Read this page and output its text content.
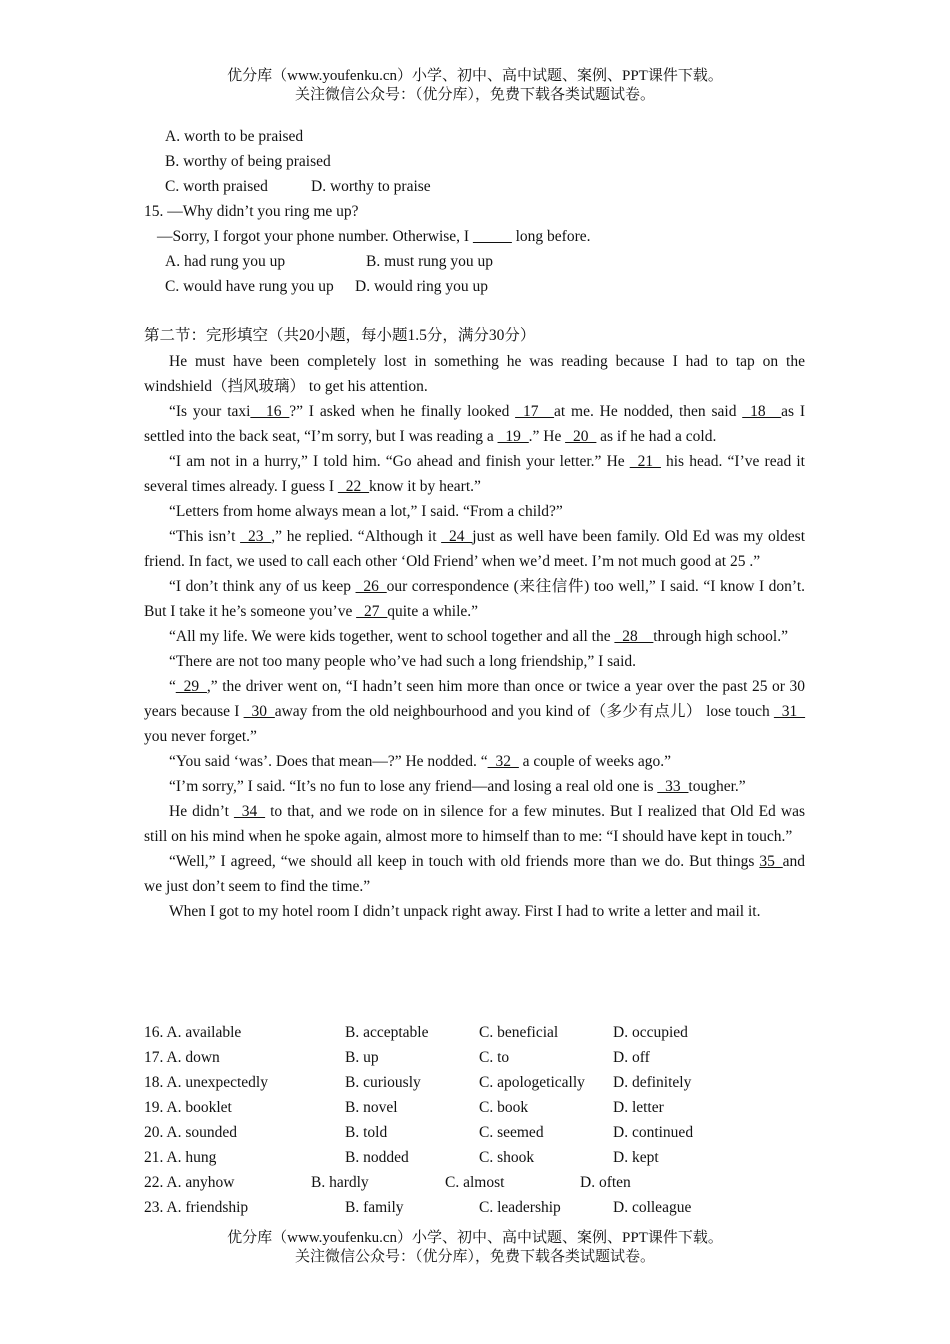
优分库（www.youfenku.cn）小学、初中、高中试题、案例、PPT课件下载。
关注微信公众号：（优分库），免费下载各类试题试卷。
A. worth to be praised
B. worthy of being praised
C. worth praised	D. worthy to praise
15. —Why didn’t you ring me up?
—Sorry, I forgot your phone number. Otherwise, I _____ long before.
A. had rung you up	B. must rung you up
C. would have rung you up D. would ring you up
第二节：完形填空（共20小题，每小题1.5分，满分30分）

He must have been completely lost in something he was reading because I had to tap on the windshield（挡风玻璃） to get his attention.

“Is your taxi__16_?” I asked when he finally looked _17__at me. He nodded, then said _18__as I settled into the back seat, “I’m sorry, but I was reading a _19_.” He _20_ as if he had a cold.

“I am not in a hurry,” I told him. “Go ahead and finish your letter.” He _21_ his head. “I’ve read it several times already. I guess I _22_know it by heart.”

“Letters from home always mean a lot,” I said. “From a child?”

“This isn’t _23_,” he replied. “Although it _24_just as well have been family. Old Ed was my oldest friend. In fact, we used to call each other ‘Old Friend’ when we’d meet. I’m not much good at 25 .”

“I don’t think any of us keep _26_our correspondence (来往信件) too well,” I said. “I know I don’t. But I take it he’s someone you’ve _27_quite a while.”

“All my life. We were kids together, went to school together and all the _28__through high school.”

“There are not too many people who’ve had such a long friendship,” I said.

“_29_,” the driver went on, “I hadn’t seen him more than once or twice a year over the past 25 or 30 years because I _30_away from the old neighbourhood and you kind of（多少有点儿） lose touch _31_ you never forget.”

“You said ‘was’. Does that mean—?” He nodded. “_32_ a couple of weeks ago.”

“I’m sorry,” I said. “It’s no fun to lose any friend—and losing a real old one is _33_tougher.”

He didn’t _34_ to that, and we rode on in silence for a few minutes. But I realized that Old Ed was still on his mind when he spoke again, almost more to himself than to me: “I should have kept in touch.”

“Well,” I agreed, “we should all keep in touch with old friends more than we do. But things 35_and we just don’t seem to find the time.”

When I got to my hotel room I didn’t unpack right away. First I had to write a letter and mail it.

16. A. available	B. acceptable	C. beneficial	D. occupied
17. A. down	B. up	C. to	D. off
18. A. unexpectedly	B. curiously	C. apologetically D. definitely
19. A. booklet	B. novel	C. book	D. letter
20. A. sounded	B. told	C. seemed	D. continued
21. A. hung	B. nodded	C. shook	D. kept
22. A. anyhow	B. hardly	C. almost	D. often
23. A. friendship	B. family	C. leadership	D. colleague
优分库（www.youfenku.cn）小学、初中、高中试题、案例、PPT课件下载。
关注微信公众号：（优分库），免费下载各类试题试卷。
